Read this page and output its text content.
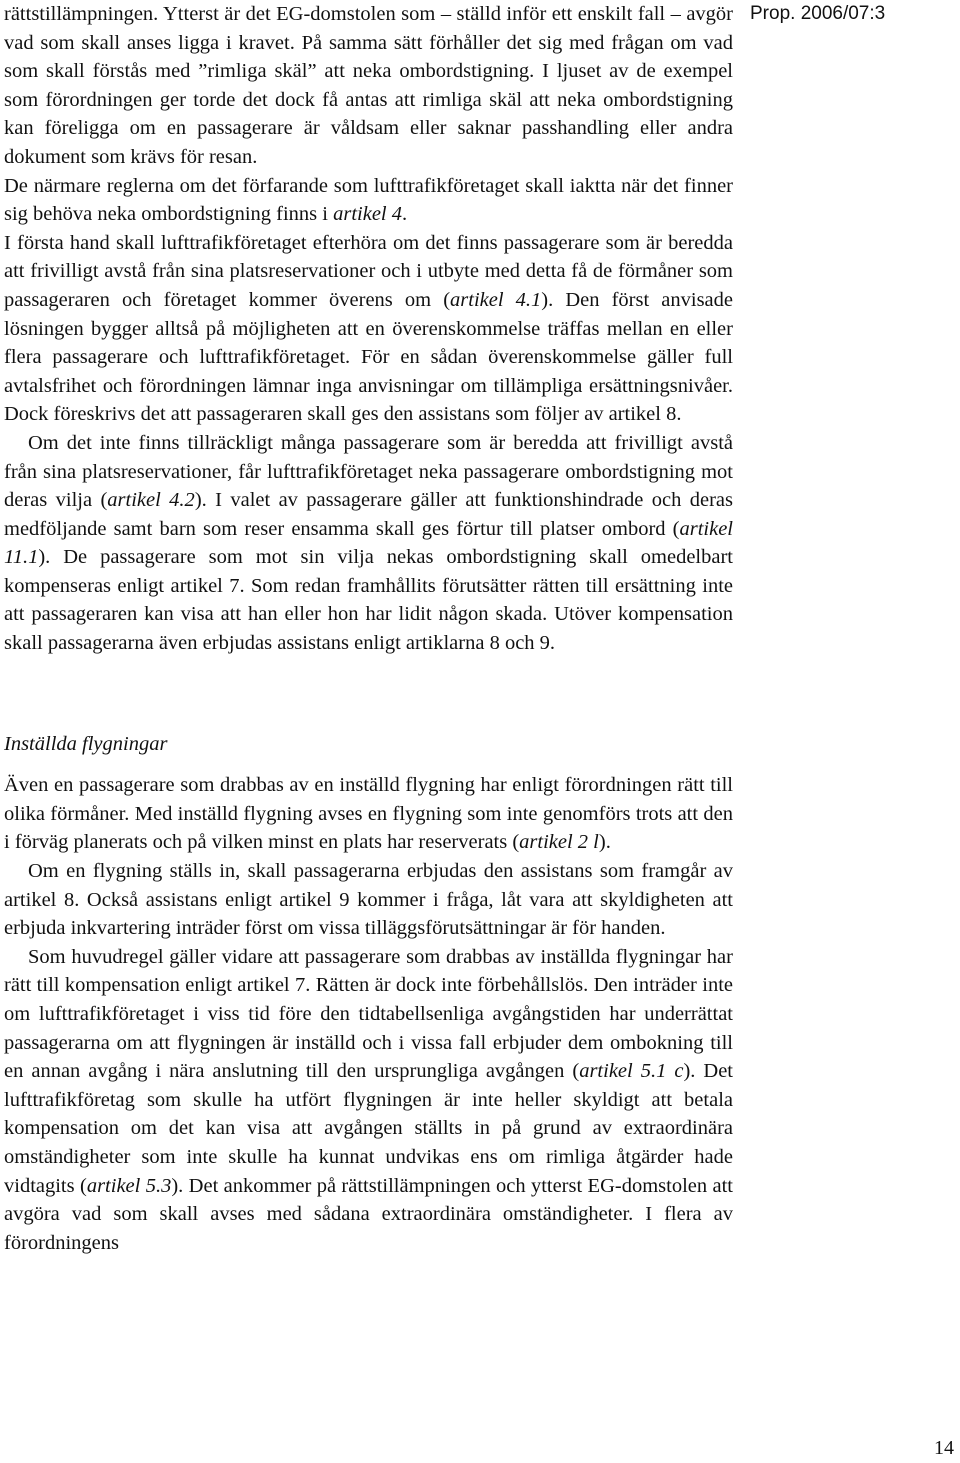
Prop. 2006/07:3

rättstillämpningen. Ytterst är det EG-domstolen som – ställd inför ett enskilt fall – avgör vad som skall anses ligga i kravet. På samma sätt förhåller det sig med frågan om vad som skall förstås med ”rimliga skäl” att neka ombordstigning. I ljuset av de exempel som förordningen ger torde det dock få antas att rimliga skäl att neka ombordstigning kan föreligga om en passagerare är våldsam eller saknar passhandling eller andra dokument som krävs för resan.

De närmare reglerna om det förfarande som lufttrafikföretaget skall iaktta när det finner sig behöva neka ombordstigning finns i artikel 4.

I första hand skall lufttrafikföretaget efterhöra om det finns passagerare som är beredda att frivilligt avstå från sina platsreservationer och i utbyte med detta få de förmåner som passageraren och företaget kommer överens om (artikel 4.1). Den först anvisade lösningen bygger alltså på möjligheten att en överenskommelse träffas mellan en eller flera passagerare och lufttrafikföretaget. För en sådan överenskommelse gäller full avtalsfrihet och förordningen lämnar inga anvisningar om tillämpliga ersättningsnivåer. Dock föreskrivs det att passageraren skall ges den assistans som följer av artikel 8.

Om det inte finns tillräckligt många passagerare som är beredda att frivilligt avstå från sina platsreservationer, får lufttrafikföretaget neka passagerare ombordstigning mot deras vilja (artikel 4.2). I valet av passagerare gäller att funktionshindrade och deras medföljande samt barn som reser ensamma skall ges förtur till platser ombord (artikel 11.1). De passagerare som mot sin vilja nekas ombordstigning skall omedelbart kompenseras enligt artikel 7. Som redan framhållits förutsätter rätten till ersättning inte att passageraren kan visa att han eller hon har lidit någon skada. Utöver kompensation skall passagerarna även erbjudas assistans enligt artiklarna 8 och 9.

Inställda flygningar

Även en passagerare som drabbas av en inställd flygning har enligt förordningen rätt till olika förmåner. Med inställd flygning avses en flygning som inte genomförs trots att den i förväg planerats och på vilken minst en plats har reserverats (artikel 2 l).

Om en flygning ställs in, skall passagerarna erbjudas den assistans som framgår av artikel 8. Också assistans enligt artikel 9 kommer i fråga, låt vara att skyldigheten att erbjuda inkvartering inträder först om vissa tilläggsförutsättningar är för handen.

Som huvudregel gäller vidare att passagerare som drabbas av inställda flygningar har rätt till kompensation enligt artikel 7. Rätten är dock inte förbehållslös. Den inträder inte om lufttrafikföretaget i viss tid före den tidtabellsenliga avgångstiden har underrättat passagerarna om att flygningen är inställd och i vissa fall erbjuder dem ombokning till en annan avgång i nära anslutning till den ursprungliga avgången (artikel 5.1 c). Det lufttrafikföretag som skulle ha utfört flygningen är inte heller skyldigt att betala kompensation om det kan visa att avgången ställts in på grund av extraordinära omständigheter som inte skulle ha kunnat undvikas ens om rimliga åtgärder hade vidtagits (artikel 5.3). Det ankommer på rättstillämpningen och ytterst EG-domstolen att avgöra vad som skall avses med sådana extraordinära omständigheter. I flera av förordningens

14
